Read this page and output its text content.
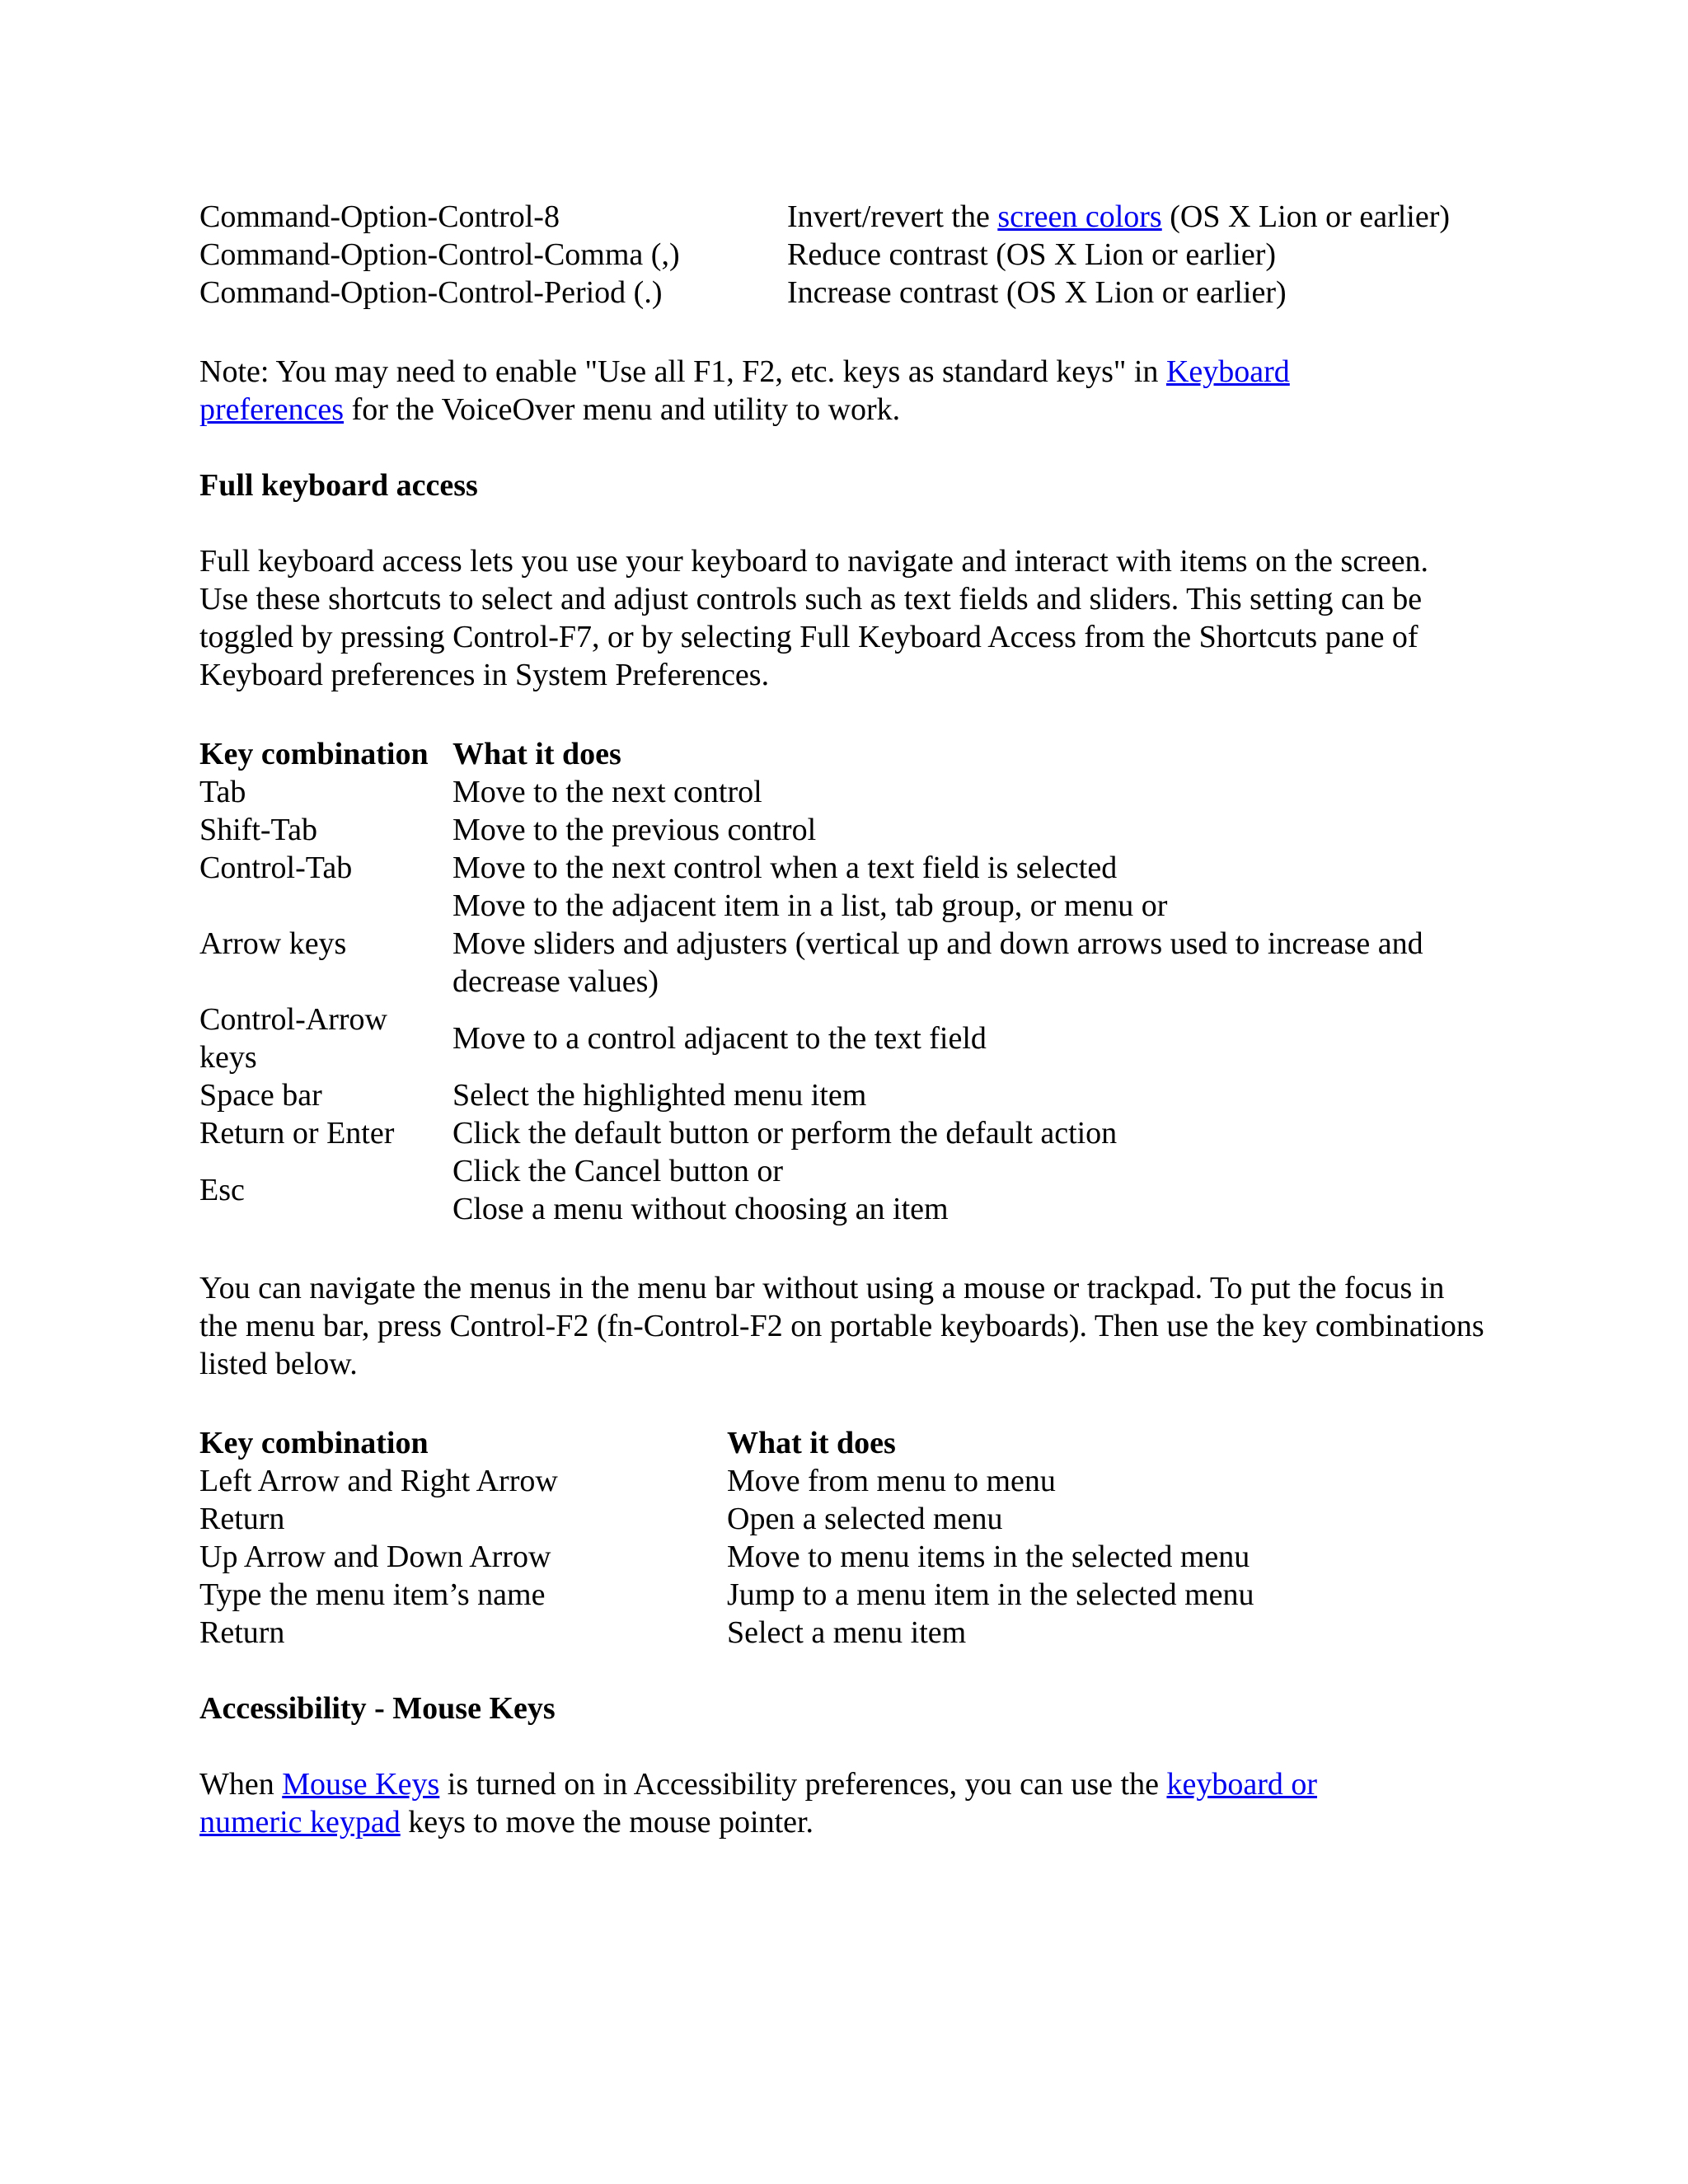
Command-Option-Control-8	Invert/revert the screen colors (OS X Lion or earlier)
Command-Option-Control-Comma (,)	Reduce contrast (OS X Lion or earlier)
Command-Option-Control-Period (.)	Increase contrast (OS X Lion or earlier)

Note: You may need to enable "Use all F1, F2, etc. keys as standard keys" in Keyboard
preferences for the VoiceOver menu and utility to work.

Full keyboard access

Full keyboard access lets you use your keyboard to navigate and interact with items on the screen. Use these shortcuts to select and adjust controls such as text fields and sliders. This setting can be toggled by pressing Control-F7, or by selecting Full Keyboard Access from the Shortcuts pane of Keyboard preferences in System Preferences.

Key combination	What it does
Tab	Move to the next control
Shift-Tab	Move to the previous control
Control-Tab	Move to the next control when a text field is selected
Arrow keys	Move to the adjacent item in a list, tab group, or menu or
Move sliders and adjusters (vertical up and down arrows used to increase and
decrease values)

Control-Arrow keys	Move to a control adjacent to the text field
Space bar	Select the highlighted menu item
Return or Enter	Click the default button or perform the default action
Esc	Click the Cancel button or
Close a menu without choosing an item

You can navigate the menus in the menu bar without using a mouse or trackpad. To put the focus in the menu bar, press Control-F2 (fn-Control-F2 on portable keyboards). Then use the key combinations listed below.

Key combination	What it does
Left Arrow and Right Arrow	Move from menu to menu
Return	Open a selected menu
Up Arrow and Down Arrow	Move to menu items in the selected menu
Type the menu item’s name	Jump to a menu item in the selected menu
Return	Select a menu item

Accessibility - Mouse Keys

When Mouse Keys is turned on in Accessibility preferences, you can use the keyboard or
numeric keypad keys to move the mouse pointer.
